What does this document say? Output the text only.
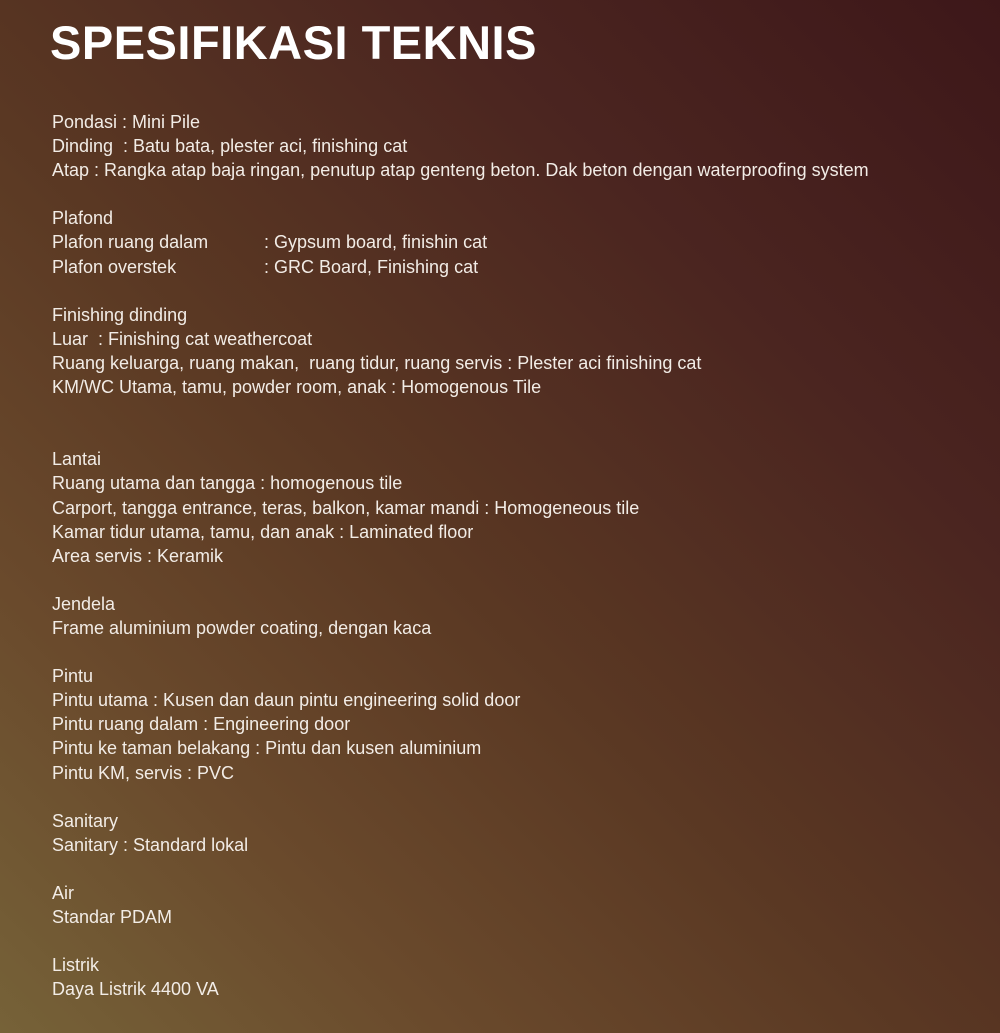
SPESIFIKASI TEKNIS
Pondasi : Mini Pile
Dinding  : Batu bata, plester aci, finishing cat
Atap : Rangka atap baja ringan, penutup atap genteng beton. Dak beton dengan waterproofing system
Plafond
Plafon ruang dalam	: Gypsum board, finishin cat
Plafon overstek	: GRC Board, Finishing cat
Finishing dinding
Luar  : Finishing cat weathercoat
Ruang keluarga, ruang makan,  ruang tidur, ruang servis : Plester aci finishing cat
KM/WC Utama, tamu, powder room, anak : Homogenous Tile
Lantai
Ruang utama dan tangga : homogenous tile
Carport, tangga entrance, teras, balkon, kamar mandi : Homogeneous tile
Kamar tidur utama, tamu, dan anak : Laminated floor
Area servis : Keramik
Jendela
Frame aluminium powder coating, dengan kaca
Pintu
Pintu utama : Kusen dan daun pintu engineering solid door
Pintu ruang dalam : Engineering door
Pintu ke taman belakang : Pintu dan kusen aluminium
Pintu KM, servis : PVC
Sanitary
Sanitary : Standard lokal
Air
Standar PDAM
Listrik
Daya Listrik 4400 VA
